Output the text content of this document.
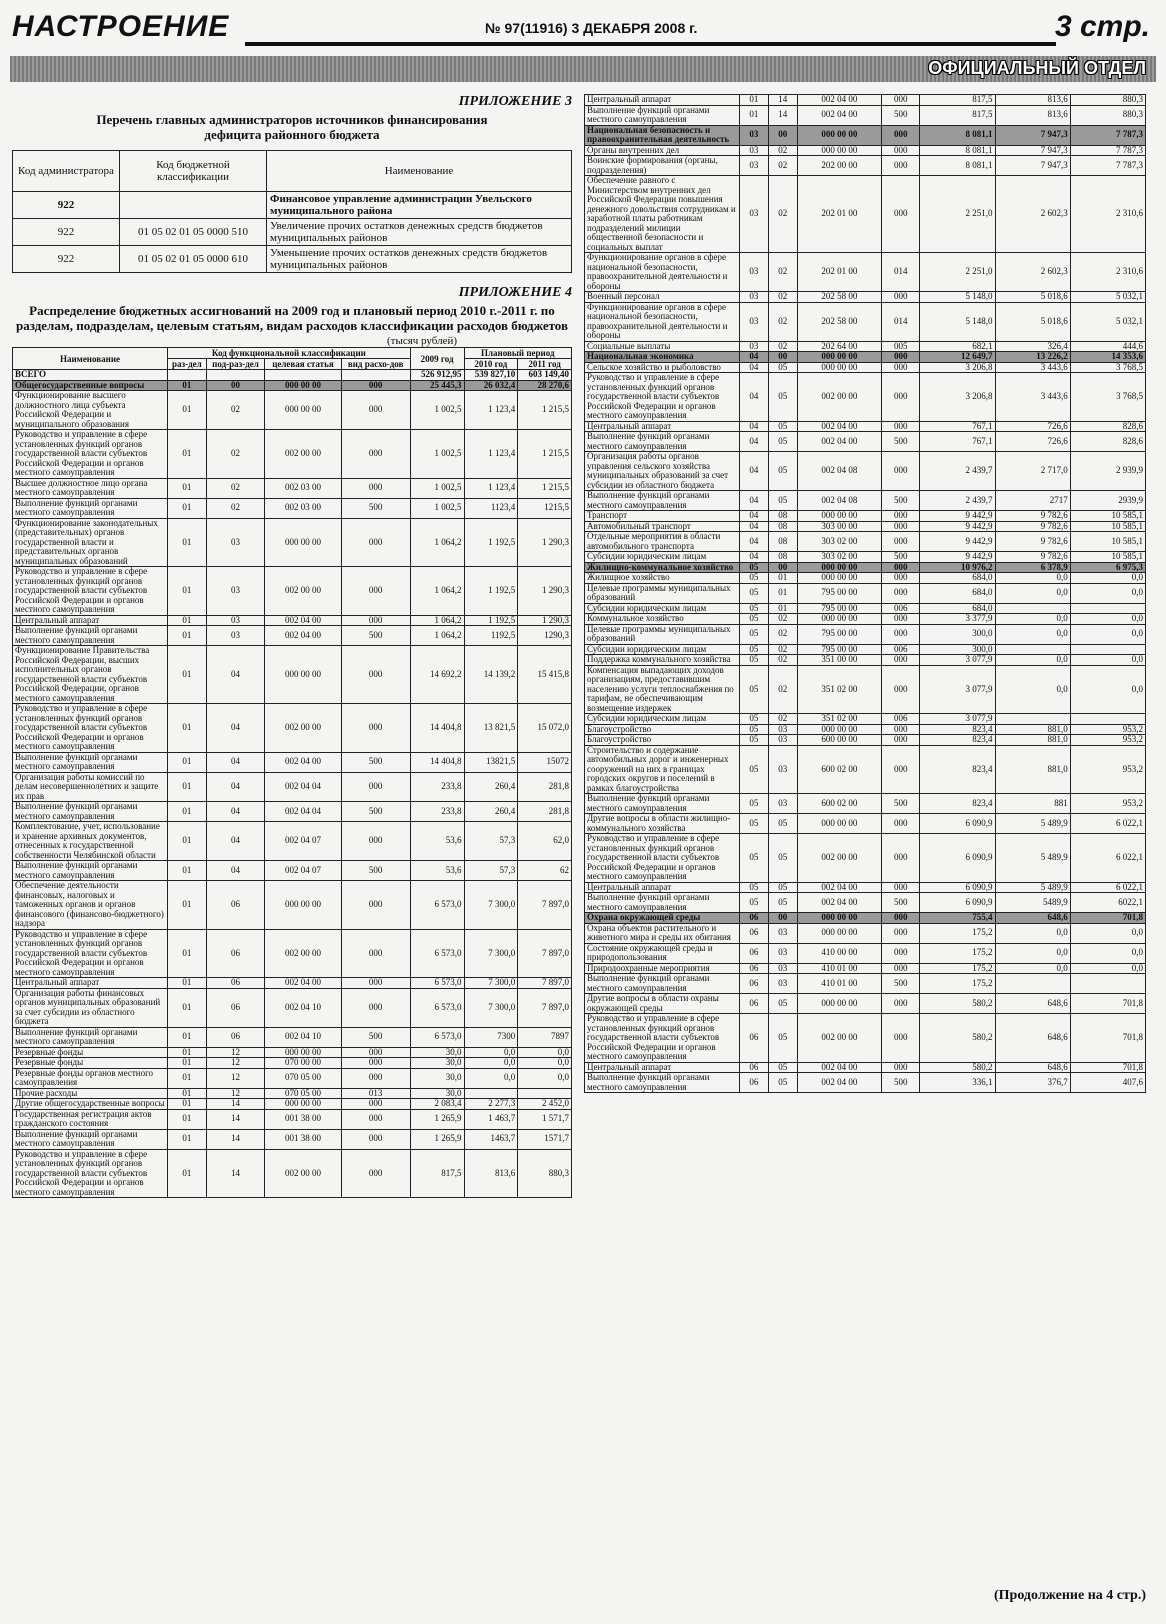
НАСТРОЕНИЕ	№ 97(11916) 3 ДЕКАБРЯ 2008 г.	3 стр.
ОФИЦИАЛЬНЫЙ ОТДЕЛ
ПРИЛОЖЕНИЕ 3
Перечень главных администраторов источников финансирования дефицита районного бюджета
Код администратора	Код бюджетной классификации	Наименование
922		Финансовое управление администрации Увельского муниципального района
922	01 05 02 01 05 0000 510	Увеличение прочих остатков денежных средств бюджетов муниципальных районов
922	01 05 02 01 05 0000 610	Уменьшение прочих остатков денежных средств бюджетов муниципальных районов
ПРИЛОЖЕНИЕ 4
Распределение бюджетных ассигнований на 2009 год и плановый период 2010 г.-2011 г. по разделам, подразделам, целевым статьям, видам расходов классификации расходов бюджетов
(тысяч рублей)
Наименование	Код функциональной классификации				2009 год	Плановый период	
	раз-дел	под-раз-дел	целевая статья	вид расхо-дов		2010 год	2011 год

ВСЕГО					526 912,95	539 827,10	603 149,40
Общегосударственные вопросы	01	00	000 00 00	000	25 445,3	26 032,4	28 270,6
Функционирование высшего должностного лица субъекта Российской Федерации и муниципального образования	01	02	000 00 00	000	1 002,5	1 123,4	1 215,5
Руководство и управление в сфере установленных функций органов государственной власти субъектов Российской Федерации и органов местного самоуправления	01	02	002 00 00	000	1 002,5	1 123,4	1 215,5
Высшее должностное лицо органа местного самоуправления	01	02	002 03 00	000	1 002,5	1 123,4	1 215,5
Выполнение функций органами местного самоуправления	01	02	002 03 00	500	1 002,5	1123,4	1215,5
Функционирование законодательных (представительных) органов государственной власти и представительных органов муниципальных образований	01	03	000 00 00	000	1 064,2	1 192,5	1 290,3
Руководство и управление в сфере установленных функций органов государственной власти субъектов Российской Федерации и органов местного самоуправления	01	03	002 00 00	000	1 064,2	1 192,5	1 290,3
Центральный аппарат	01	03	002 04 00	000	1 064,2	1 192,5	1 290,3
Выполнение функций органами местного самоуправления	01	03	002 04 00	500	1 064,2	1192,5	1290,3
Функционирование Правительства Российской Федерации, высших исполнительных органов государственной власти субъектов Российской Федерации, органов местного самоуправления	01	04	000 00 00	000	14 692,2	14 139,2	15 415,8
Руководство и управление в сфере установленных функций органов государственной власти субъектов Российской Федерации и органов местного самоуправления	01	04	002 00 00	000	14 404,8	13 821,5	15 072,0
Выполнение функций органами местного самоуправления	01	04	002 04 00	500	14 404,8	13821,5	15072
Организация работы комиссий по делам несовершеннолетних и защите их прав	01	04	002 04 04	000	233,8	260,4	281,8
Выполнение функций органами местного самоуправления	01	04	002 04 04	500	233,8	260,4	281,8
Комплектование, учет, использование и хранение архивных документов, отнесенных к государственной собственности Челябинской области	01	04	002 04 07	000	53,6	57,3	62,0
Выполнение функций органами местного самоуправления	01	04	002 04 07	500	53,6	57,3	62
Обеспечение деятельности финансовых, налоговых и таможенных органов и органов финансового (финансово-бюджетного) надзора	01	06	000 00 00	000	6 573,0	7 300,0	7 897,0
Руководство и управление в сфере установленных функций органов государственной власти субъектов Российской Федерации и органов местного самоуправления	01	06	002 00 00	000	6 573,0	7 300,0	7 897,0
Центральный аппарат	01	06	002 04 00	000	6 573,0	7 300,0	7 897,0
Организация работы финансовых органов муниципальных образований за счет субсидии из областного бюджета	01	06	002 04 10	000	6 573,0	7 300,0	7 897,0
Выполнение функций органами местного самоуправления	01	06	002 04 10	500	6 573,0	7300	7897
Резервные фонды	01	12	000 00 00	000	30,0	0,0	0,0
Резервные фонды	01	12	070 00 00	000	30,0	0,0	0,0
Резервные фонды органов местного самоуправления	01	12	070 05 00	000	30,0	0,0	0,0
Прочие расходы	01	12	070 05 00	013	30,0		
Другие общегосударственные вопросы	01	14	000 00 00	000	2 083,4	2 277,3	2 452,0
Государственная регистрация актов гражданского состояния	01	14	001 38 00	000	1 265,9	1 463,7	1 571,7
Выполнение функций органами местного самоуправления	01	14	001 38 00	000	1 265,9	1463,7	1571,7
Руководство и управление в сфере установленных функций органов государственной власти субъектов Российской Федерации и органов местного самоуправления	01	14	002 00 00	000	817,5	813,6	880,3
Центральный аппарат	01	14	002 04 00	000	817,5	813,6	880,3
Выполнение функций органами местного самоуправления	01	14	002 04 00	500	817,5	813,6	880,3
Национальная безопасность и правоохранительная деятельность	03	00	000 00 00	000	8 081,1	7 947,3	7 787,3
Органы внутренних дел	03	02	000 00 00	000	8 081,1	7 947,3	7 787,3
Воинские формирования (органы, подразделения)	03	02	202 00 00	000	8 081,1	7 947,3	7 787,3
Обеспечение равного с Министерством внутренних дел Российской Федерации повышения денежного довольствия сотрудникам и заработной платы работникам подразделений милиции общественной безопасности и социальных выплат	03	02	202 01 00	000	2 251,0	2 602,3	2 310,6
Функционирование органов в сфере национальной безопасности, правоохранительной деятельности и обороны	03	02	202 01 00	014	2 251,0	2 602,3	2 310,6
Военный персонал	03	02	202 58 00	000	5 148,0	5 018,6	5 032,1
Функционирование органов в сфере национальной безопасности, правоохранительной деятельности и обороны	03	02	202 58 00	014	5 148,0	5 018,6	5 032,1
Социальные выплаты	03	02	202 64 00	005	682,1	326,4	444,6
Национальная экономика	04	00	000 00 00	000	12 649,7	13 226,2	14 353,6
Сельское хозяйство и рыболовство	04	05	000 00 00	000	3 206,8	3 443,6	3 768,5
Руководство и управление в сфере установленных функций органов государственной власти субъектов Российской Федерации и органов местного самоуправления	04	05	002 00 00	000	3 206,8	3 443,6	3 768,5
Центральный аппарат	04	05	002 04 00	000	767,1	726,6	828,6
Выполнение функций органами местного самоуправления	04	05	002 04 00	500	767,1	726,6	828,6
Организация работы органов управления сельского хозяйства муниципальных образований за счет субсидии из областного бюджета	04	05	002 04 08	000	2 439,7	2 717,0	2 939,9
Выполнение функций органами местного самоуправления	04	05	002 04 08	500	2 439,7	2717	2939,9
Транспорт	04	08	000 00 00	000	9 442,9	9 782,6	10 585,1
Автомобильный транспорт	04	08	303 00 00	000	9 442,9	9 782,6	10 585,1
Отдельные мероприятия в области автомобильного транспорта	04	08	303 02 00	000	9 442,9	9 782,6	10 585,1
Субсидии юридическим лицам	04	08	303 02 00	500	9 442,9	9 782,6	10 585,1
Жилищно-коммунальное хозяйство	05	00	000 00 00	000	10 976,2	6 378,9	6 975,3
Жилищное хозяйство	05	01	000 00 00	000	684,0	0,0	0,0
Целевые программы муниципальных образований	05	01	795 00 00	000	684,0	0,0	0,0
Субсидии юридическим лицам	05	01	795 00 00	006	684,0		
Коммунальное хозяйство	05	02	000 00 00	000	3 377,9	0,0	0,0
Целевые программы муниципальных образований	05	02	795 00 00	000	300,0	0,0	0,0
Субсидии юридическим лицам	05	02	795 00 00	006	300,0		
Поддержка коммунального хозяйства	05	02	351 00 00	000	3 077,9	0,0	0,0
Компенсация выпадающих доходов организациям, предоставившим населению услуги теплоснабжения по тарифам, не обеспечивающим возмещение издержек	05	02	351 02 00	000	3 077,9	0,0	0,0
Субсидии юридическим лицам	05	02	351 02 00	006	3 077,9		
Благоустройство	05	03	000 00 00	000	823,4	881,0	953,2
Благоустройство	05	03	600 00 00	000	823,4	881,0	953,2
Строительство и содержание автомобильных дорог и инженерных сооружений на них в границах городских округов и поселений в рамках благоустройства	05	03	600 02 00	000	823,4	881,0	953,2
Выполнение функций органами местного самоуправления	05	03	600 02 00	500	823,4	881	953,2
Другие вопросы в области жилищно-коммунального хозяйства	05	05	000 00 00	000	6 090,9	5 489,9	6 022,1
Руководство и управление в сфере установленных функций органов государственной власти субъектов Российской Федерации и органов местного самоуправления	05	05	002 00 00	000	6 090,9	5 489,9	6 022,1
Центральный аппарат	05	05	002 04 00	000	6 090,9	5 489,9	6 022,1
Выполнение функций органами местного самоуправления	05	05	002 04 00	500	6 090,9	5489,9	6022,1
Охрана окружающей среды	06	00	000 00 00	000	755,4	648,6	701,8
Охрана объектов растительного и животного мира и среды их обитания	06	03	000 00 00	000	175,2	0,0	0,0
Состояние окружающей среды и природопользования	06	03	410 00 00	000	175,2	0,0	0,0
Природоохранные мероприятия	06	03	410 01 00	000	175,2	0,0	0,0
Выполнение функций органами местного самоуправления	06	03	410 01 00	500	175,2		
Другие вопросы в области охраны окружающей среды	06	05	000 00 00	000	580,2	648,6	701,8
Руководство и управление в сфере установленных функций органов государственной власти субъектов Российской Федерации и органов местного самоуправления	06	05	002 00 00	000	580,2	648,6	701,8
Центральный аппарат	06	05	002 04 00	000	580,2	648,6	701,8
Выполнение функций органами местного самоуправления	06	05	002 04 00	500	336,1	376,7	407,6
(Продолжение на 4 стр.)
